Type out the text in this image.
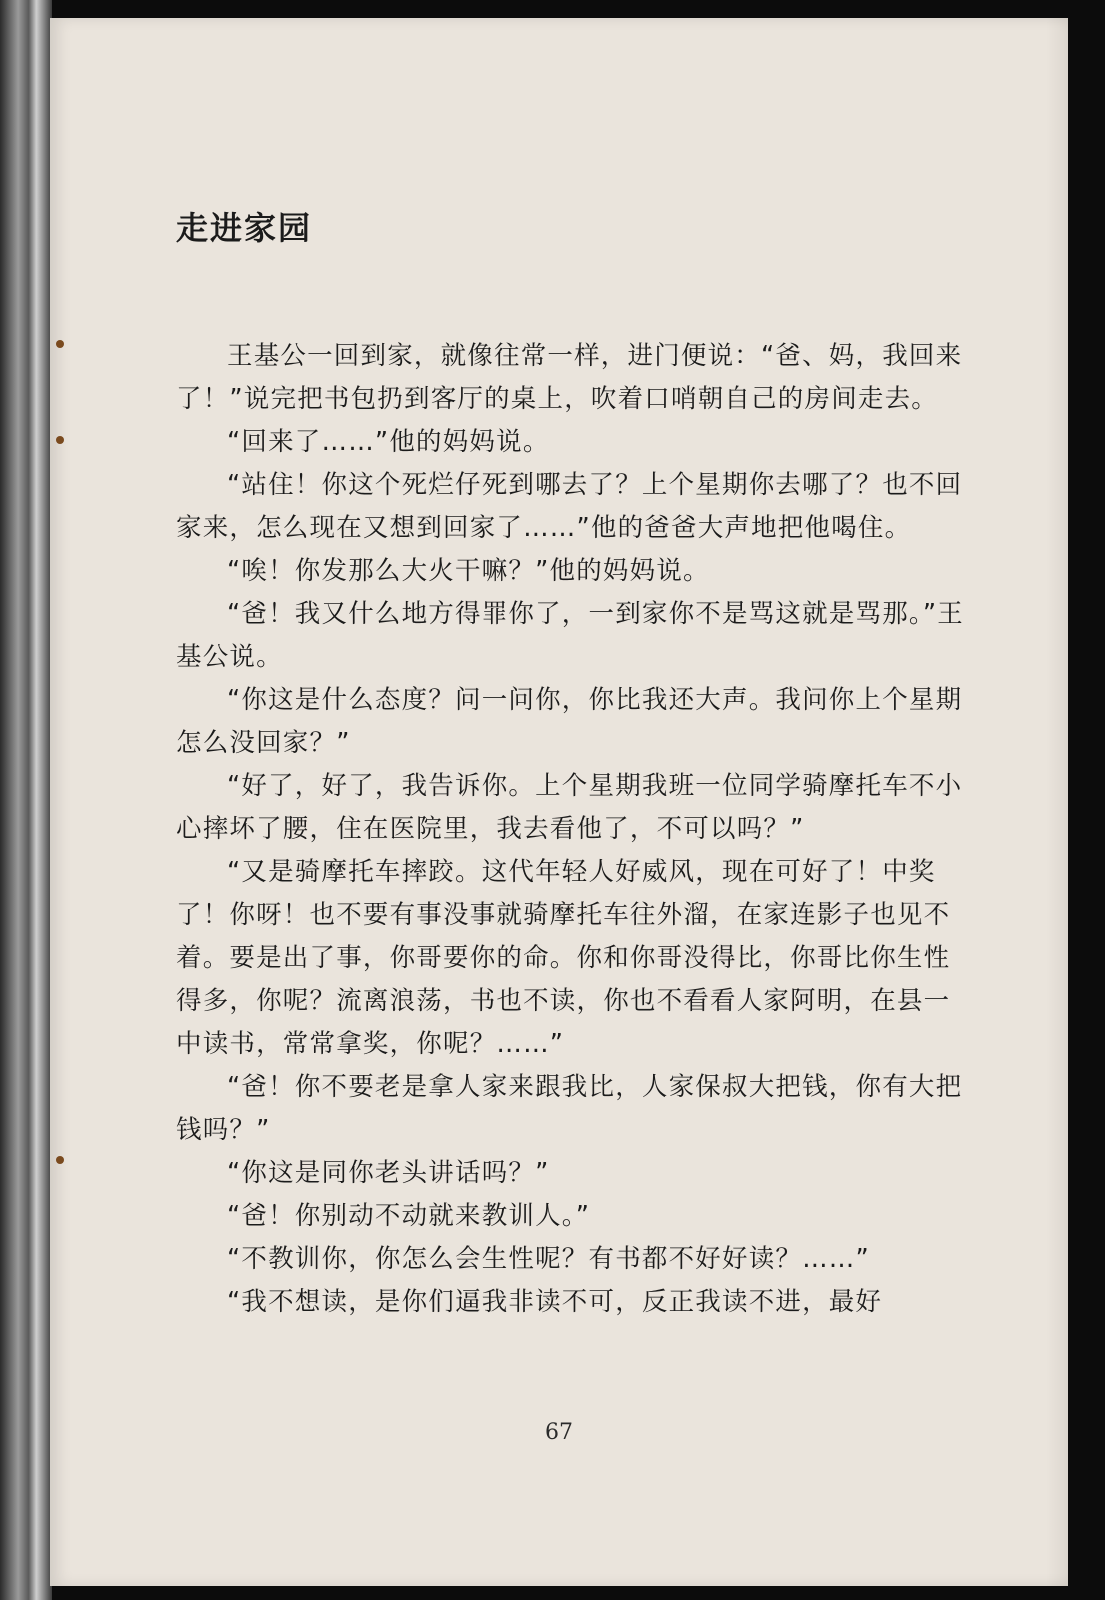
走进家园

王基公一回到家，就像往常一样，进门便说：“爸、妈，我回来了！”说完把书包扔到客厅的桌上，吹着口哨朝自己的房间走去。

“回来了……”他的妈妈说。

“站住！你这个死烂仔死到哪去了？上个星期你去哪了？也不回家来，怎么现在又想到回家了……”他的爸爸大声地把他喝住。

“唉！你发那么大火干嘛？”他的妈妈说。

“爸！我又什么地方得罪你了，一到家你不是骂这就是骂那。”王基公说。

“你这是什么态度？问一问你，你比我还大声。我问你上个星期怎么没回家？”

“好了，好了，我告诉你。上个星期我班一位同学骑摩托车不小心摔坏了腰，住在医院里，我去看他了，不可以吗？”

“又是骑摩托车摔跤。这代年轻人好威风，现在可好了！中奖了！你呀！也不要有事没事就骑摩托车往外溜，在家连影子也见不着。要是出了事，你哥要你的命。你和你哥没得比，你哥比你生性得多，你呢？流离浪荡，书也不读，你也不看看人家阿明，在县一中读书，常常拿奖，你呢？……”

“爸！你不要老是拿人家来跟我比，人家保叔大把钱，你有大把钱吗？”

“你这是同你老头讲话吗？”

“爸！你别动不动就来教训人。”

“不教训你，你怎么会生性呢？有书都不好好读？……”

“我不想读，是你们逼我非读不可，反正我读不进，最好

67
